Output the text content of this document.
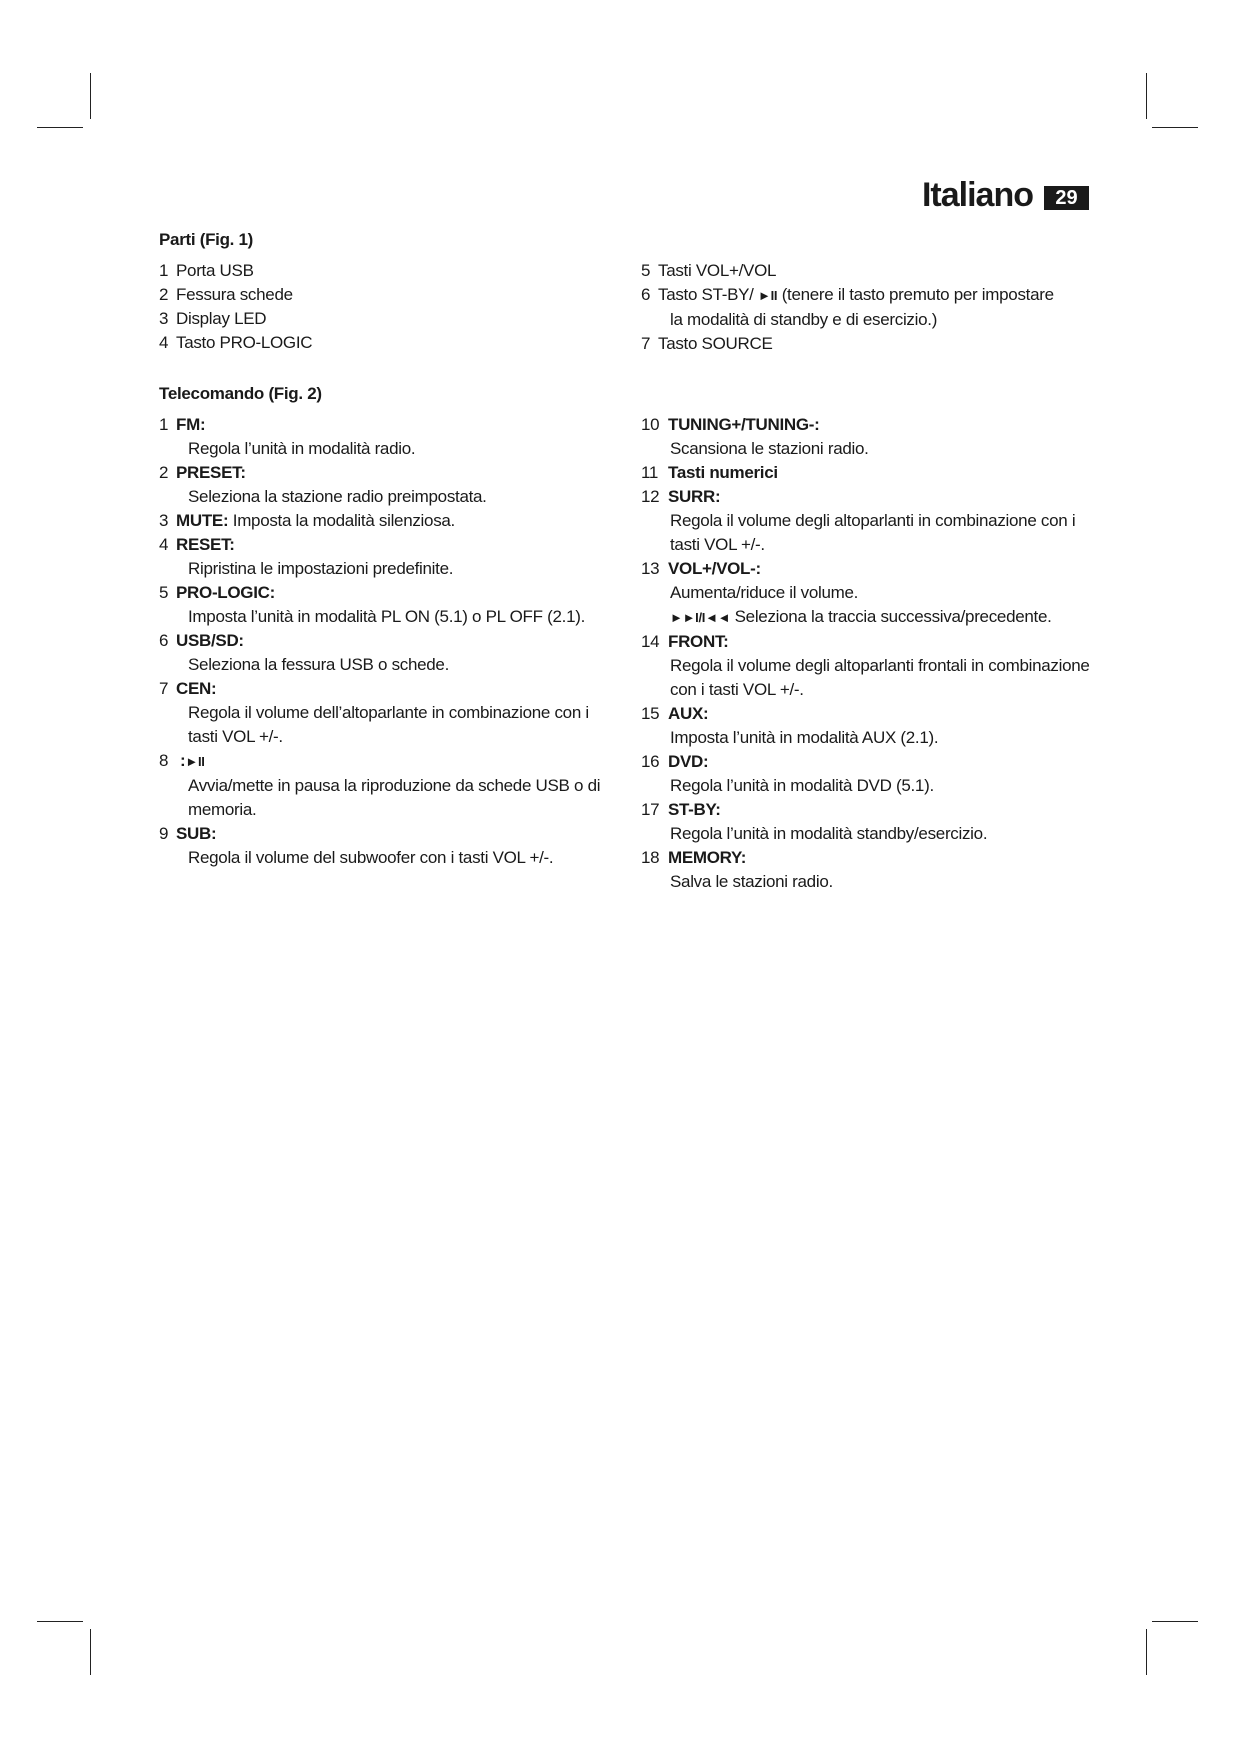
Italiano	29
Parti (Fig. 1)
1 Porta USB
2 Fessura schede
3 Display LED
4 Tasto PRO-LOGIC
5 Tasti VOL+/VOL
6 Tasto ST-BY/ ►II (tenere il tasto premuto per impostare
la modalità di standby e di esercizio.)
7 Tasto SOURCE
Telecomando (Fig. 2)
1 FM:
Regola l’unità in modalità radio.
2 PRESET:
Seleziona la stazione radio preimpostata.
3 MUTE: Imposta la modalità silenziosa.
4 RESET:
Ripristina le impostazioni predefinite.
5 PRO-LOGIC:
Imposta l’unità in modalità PL ON (5.1) o PL OFF (2.1).
6 USB/SD:
Seleziona la fessura USB o schede.
7 CEN:
Regola il volume dell’altoparlante in combinazione con i tasti VOL +/-.
8 :►II
Avvia/mette in pausa la riproduzione da schede USB o di memoria.
9 SUB:
Regola il volume del subwoofer con i tasti VOL +/-.
10 TUNING+/TUNING-:
Scansiona le stazioni radio.
11 Tasti numerici
12 SURR:
Regola il volume degli altoparlanti in combinazione con i tasti VOL +/-.
13 VOL+/VOL-:
Aumenta/riduce il volume.
►►I/I◄◄ Seleziona la traccia successiva/precedente.
14 FRONT:
Regola il volume degli altoparlanti frontali in combinazione con i tasti VOL +/-.
15 AUX:
Imposta l’unità in modalità AUX (2.1).
16 DVD:
Regola l’unità in modalità DVD (5.1).
17 ST-BY:
Regola l’unità in modalità standby/esercizio.
18 MEMORY:
Salva le stazioni radio.
